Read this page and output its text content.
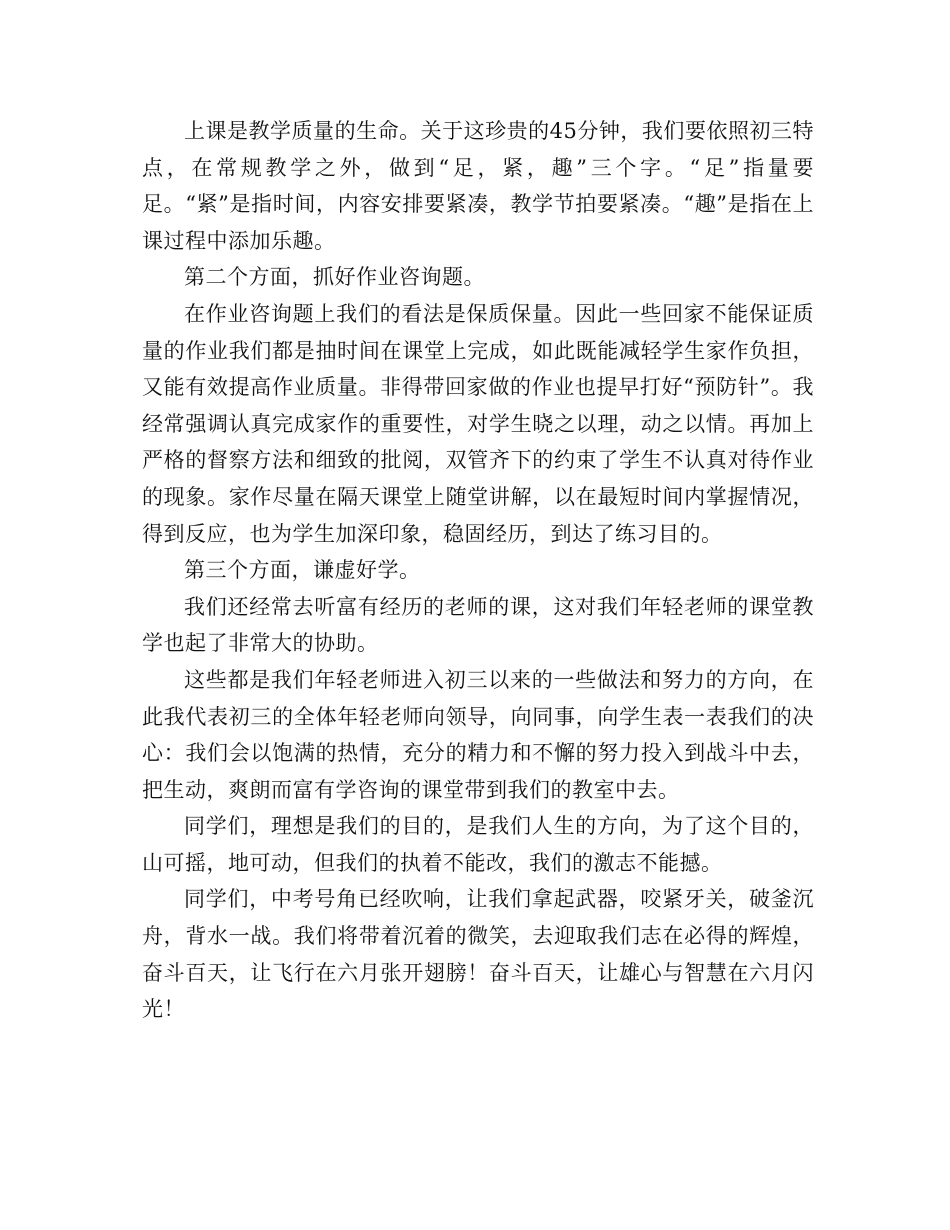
上课是教学质量的生命。关于这珍贵的45分钟，我们要依照初三特点，在常规教学之外，做到“足，紧，趣”三个字。“足”指量要足。“紧”是指时间，内容安排要紧凑，教学节拍要紧凑。“趣”是指在上课过程中添加乐趣。

第二个方面，抓好作业咨询题。

在作业咨询题上我们的看法是保质保量。因此一些回家不能保证质量的作业我们都是抽时间在课堂上完成，如此既能减轻学生家作负担，又能有效提高作业质量。非得带回家做的作业也提早打好“预防针”。我经常强调认真完成家作的重要性，对学生晓之以理，动之以情。再加上严格的督察方法和细致的批阅，双管齐下的约束了学生不认真对待作业的现象。家作尽量在隔天课堂上随堂讲解，以在最短时间内掌握情况，得到反应，也为学生加深印象，稳固经历，到达了练习目的。

第三个方面，谦虚好学。

我们还经常去听富有经历的老师的课，这对我们年轻老师的课堂教学也起了非常大的协助。

这些都是我们年轻老师进入初三以来的一些做法和努力的方向，在此我代表初三的全体年轻老师向领导，向同事，向学生表一表我们的决心：我们会以饱满的热情，充分的精力和不懈的努力投入到战斗中去，把生动，爽朗而富有学咨询的课堂带到我们的教室中去。

同学们，理想是我们的目的，是我们人生的方向，为了这个目的，山可摇，地可动，但我们的执着不能改，我们的激志不能撼。

同学们，中考号角已经吹响，让我们拿起武器，咬紧牙关，破釜沉舟，背水一战。我们将带着沉着的微笑，去迎取我们志在必得的辉煌，奋斗百天，让飞行在六月张开翅膀！奋斗百天，让雄心与智慧在六月闪光！
